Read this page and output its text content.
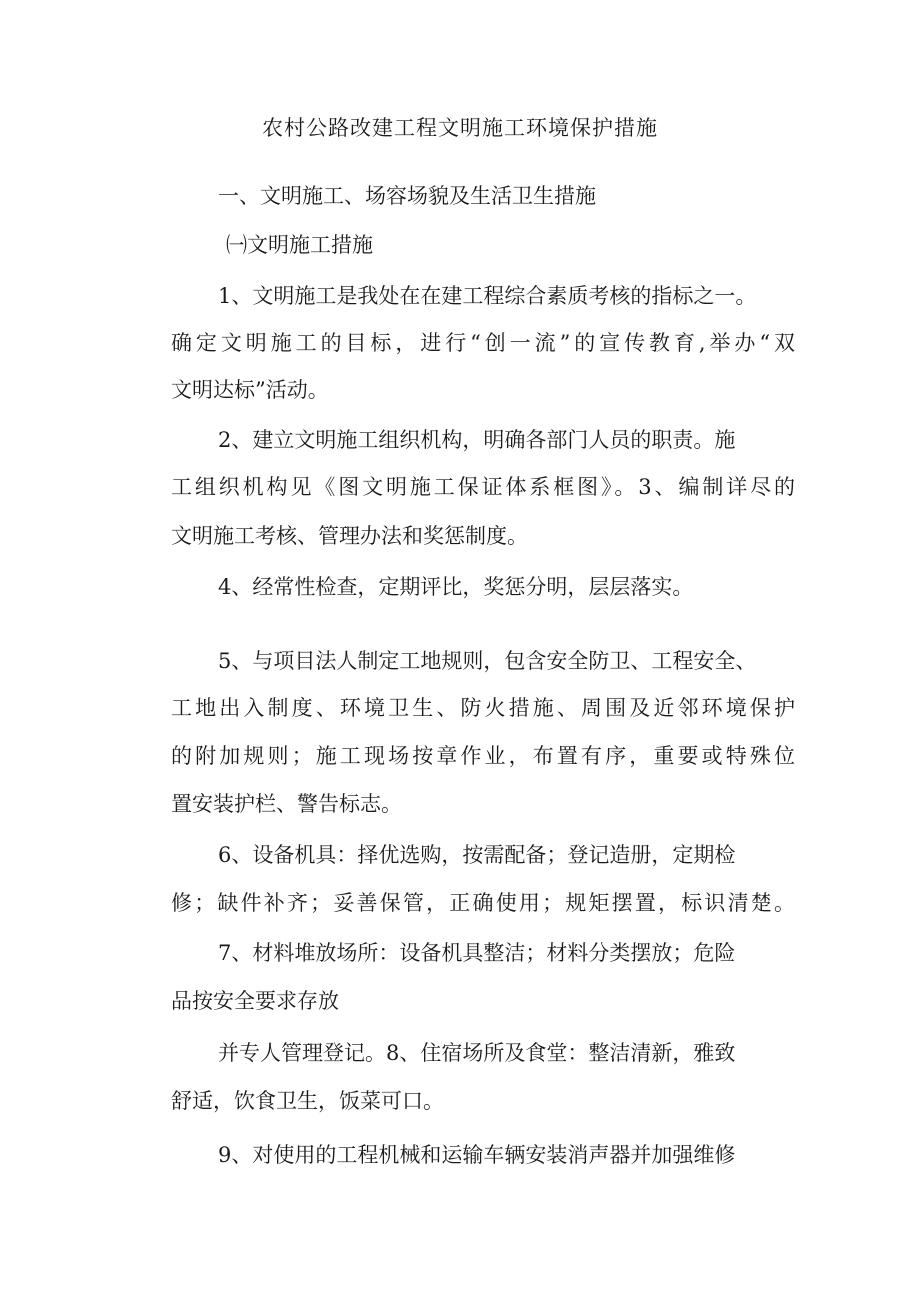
农村公路改建工程文明施工环境保护措施
一、文明施工、场容场貌及生活卫生措施
㈠文明施工措施
1、文明施工是我处在在建工程综合素质考核的指标之一。
确定文明施工的目标，进行“创一流”的宣传教育,举办“双
文明达标”活动。
2、建立文明施工组织机构，明确各部门人员的职责。施
工组织机构见《图文明施工保证体系框图》。3、编制详尽的
文明施工考核、管理办法和奖惩制度。
4、经常性检查，定期评比，奖惩分明，层层落实。
5、与项目法人制定工地规则，包含安全防卫、工程安全、
工地出入制度、环境卫生、防火措施、周围及近邻环境保护
的附加规则；施工现场按章作业，布置有序，重要或特殊位
置安装护栏、警告标志。
6、设备机具：择优选购，按需配备；登记造册，定期检
修；缺件补齐；妥善保管，正确使用；规矩摆置，标识清楚。
7、材料堆放场所：设备机具整洁；材料分类摆放；危险
品按安全要求存放
并专人管理登记。8、住宿场所及食堂：整洁清新，雅致
舒适，饮食卫生，饭菜可口。
9、对使用的工程机械和运输车辆安装消声器并加强维修
